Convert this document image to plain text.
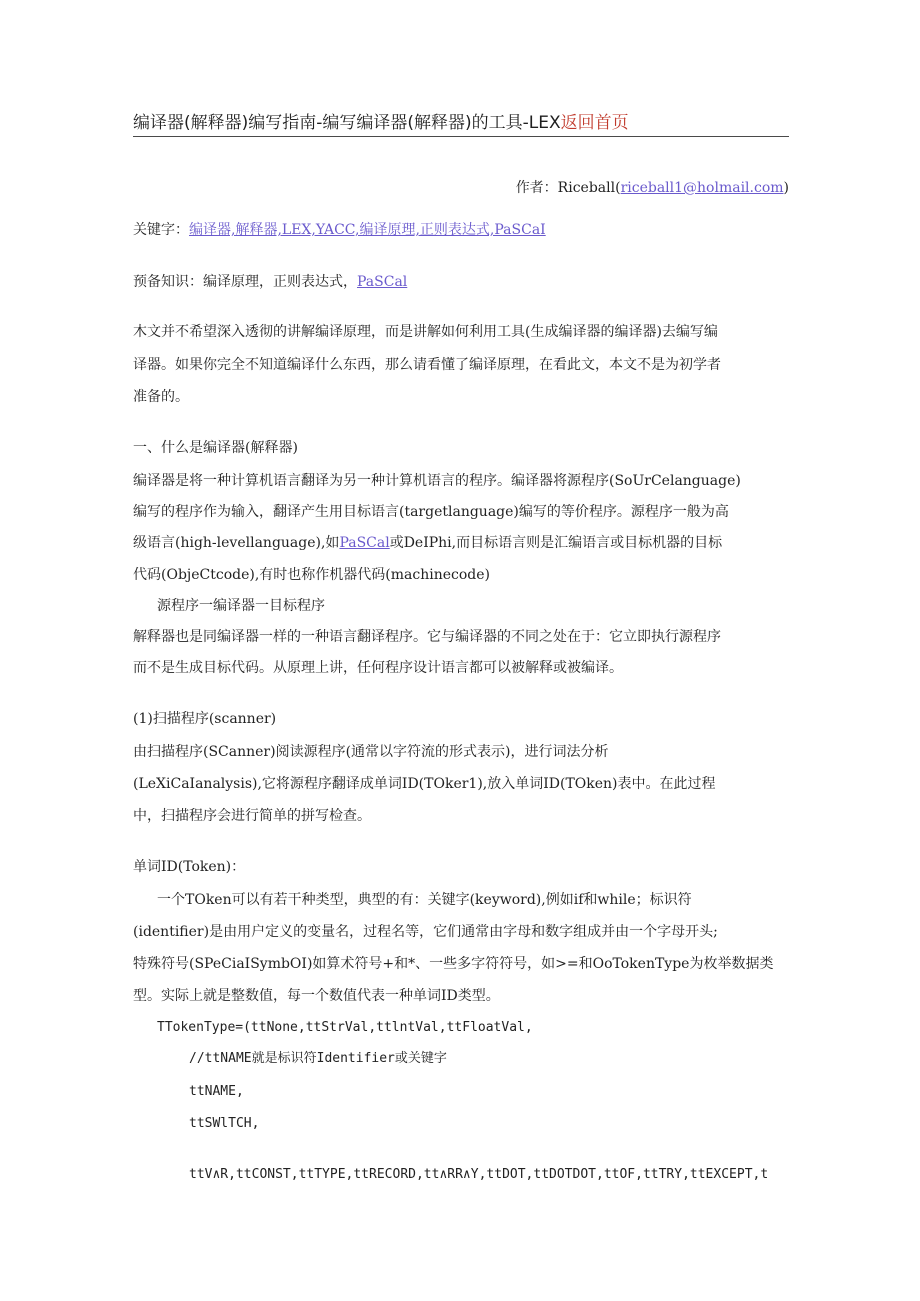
编译器(解释器)编写指南-编写编译器(解释器)的工具-LEX返回首页
作者：Riceball(riceball1@holmail.com)
关键字：编译器,解释器,LEX,YACC,编译原理,正则表达式,PaSCaI
预备知识：编译原理，正则表达式，PaSCal
木文并不希望深入透彻的讲解编译原理，而是讲解如何利用工具(生成编译器的编译器)去编写编
译器。如果你完全不知道编译什么东西，那么请看懂了编译原理，在看此文，本文不是为初学者
准备的。
一、什么是编译器(解释器)
编译器是将一种计算机语言翻译为另一种计算机语言的程序。编译器将源程序(SoUrCelanguage)
编写的程序作为输入，翻译产生用目标语言(targetlanguage)编写的等价程序。源程序一般为高
级语言(high-levellanguage),如PaSCal或DeIPhi,而目标语言则是汇编语言或目标机器的目标
代码(ObjeCtcode),有时也称作机器代码(machinecode)
源程序一编译器一目标程序
解释器也是同编译器一样的一种语言翻译程序。它与编译器的不同之处在于：它立即执行源程序
而不是生成目标代码。从原理上讲，任何程序设计语言都可以被解释或被编译。
(1)扫描程序(scanner)
由扫描程序(SCanner)阅读源程序(通常以字符流的形式表示)，进行词法分析
(LeXiCaIanalysis),它将源程序翻译成单词ID(TOker1),放入单词ID(TOken)表中。在此过程
中，扫描程序会进行简单的拼写检查。
单词ID(Token)：
一个TOken可以有若干种类型，典型的有：关键字(keyword),例如if和while；标识符
(identifier)是由用户定义的变量名，过程名等，它们通常由字母和数字组成并由一个字母开头;
特殊符号(SPeCiaISymbOI)如算术符号+和*、一些多字符符号，如>=和OoTokenType为枚举数据类
型。实际上就是整数值，每一个数值代表一种单词ID类型。
TTokenType=(ttNone,ttStrVal,ttlntVal,ttFloatVal,
//ttNAME就是标识符Identifier或关键字
ttNAME,
ttSWlTCH,
ttV∧R,ttCONST,ttTYPE,ttRECORD,tt∧RR∧Y,ttDOT,ttDOTDOT,ttOF,ttTRY,ttEXCEPT,t
